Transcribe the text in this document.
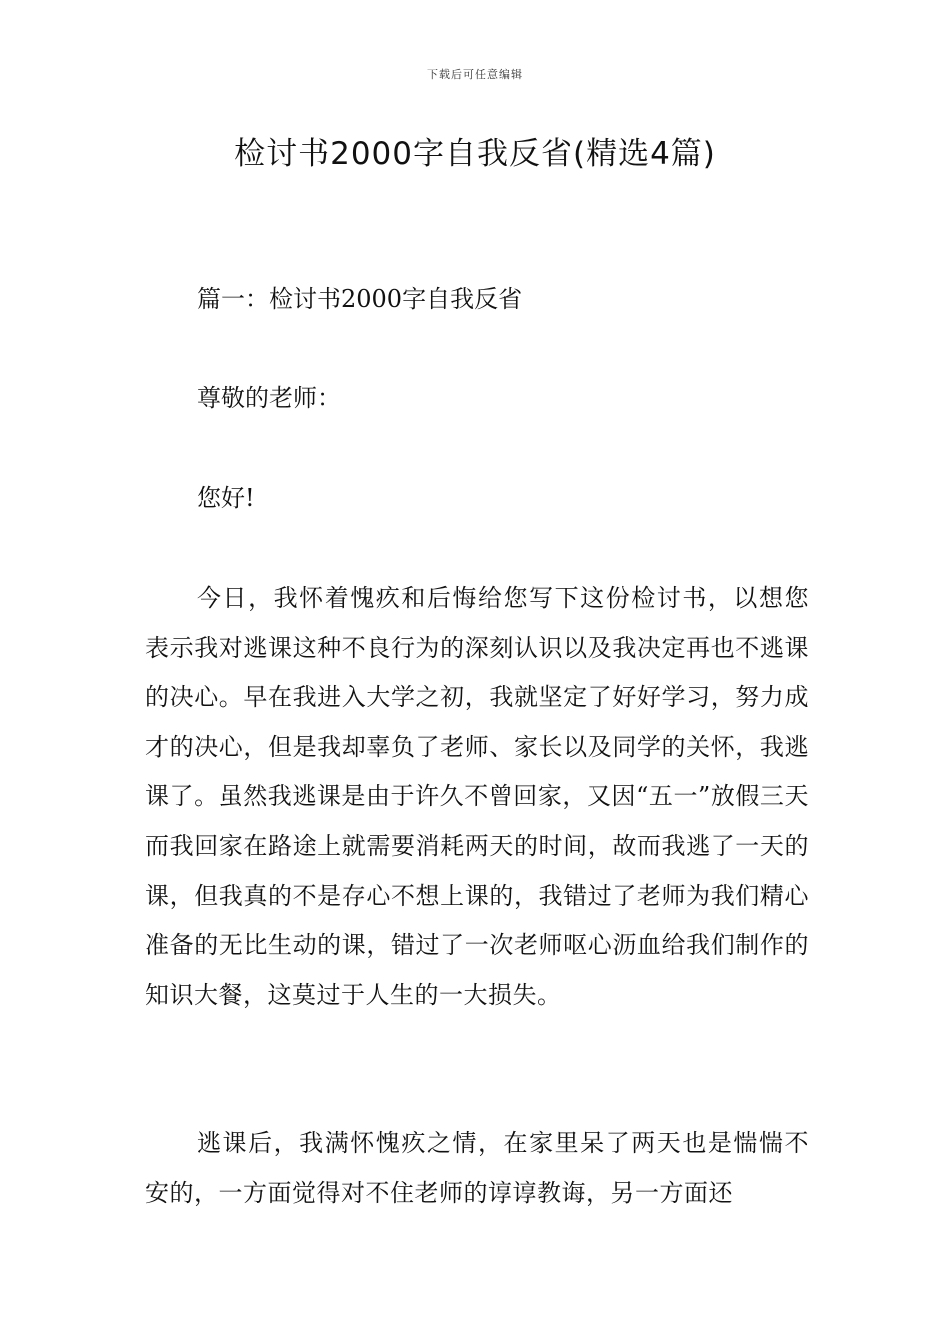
下载后可任意编辑
检讨书2000字自我反省(精选4篇)
篇一：检讨书2000字自我反省
尊敬的老师：
您好!

今日，我怀着愧疚和后悔给您写下这份检讨书，以想您表示我对逃课这种不良行为的深刻认识以及我决定再也不逃课的决心。早在我进入大学之初，我就坚定了好好学习，努力成才的决心，但是我却辜负了老师、家长以及同学的关怀，我逃课了。虽然我逃课是由于许久不曾回家，又因“五一”放假三天而我回家在路途上就需要消耗两天的时间，故而我逃了一天的课，但我真的不是存心不想上课的，我错过了老师为我们精心准备的无比生动的课，错过了一次老师呕心沥血给我们制作的知识大餐，这莫过于人生的一大损失。

逃课后，我满怀愧疚之情，在家里呆了两天也是惴惴不安的，一方面觉得对不住老师的谆谆教诲，另一方面还
